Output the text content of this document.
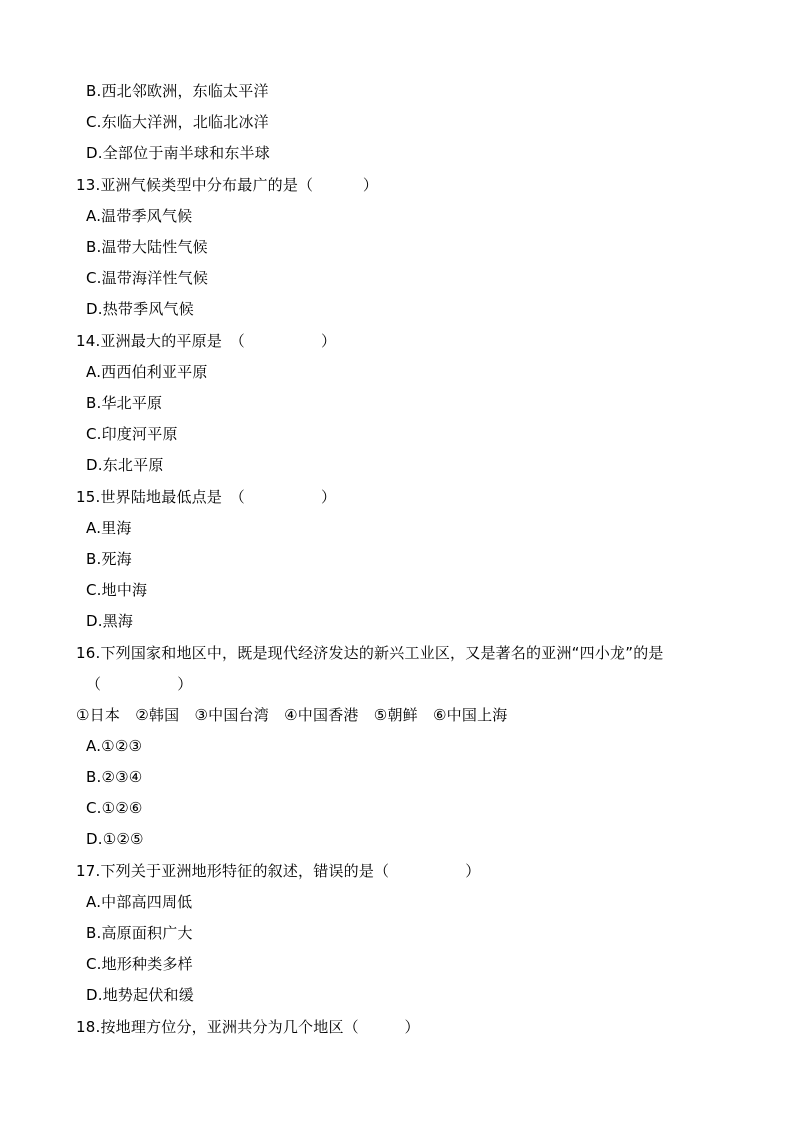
B.西北邻欧洲，东临太平洋
C.东临大洋洲，北临北冰洋
D.全部位于南半球和东半球
13.亚洲气候类型中分布最广的是（          ）
A.温带季风气候
B.温带大陆性气候
C.温带海洋性气候
D.热带季风气候
14.亚洲最大的平原是　（　　　　　）
A.西西伯利亚平原
B.华北平原
C.印度河平原
D.东北平原
15.世界陆地最低点是　（　　　　　）
A.里海
B.死海
C.地中海
D.黑海
16.下列国家和地区中，既是现代经济发达的新兴工业区，又是著名的亚洲“四小龙”的是
（　　　　　）
①日本　②韩国　③中国台湾　④中国香港　⑤朝鲜　⑥中国上海
A.①②③
B.②③④
C.①②⑥
D.①②⑤
17.下列关于亚洲地形特征的叙述，错误的是（　　　　　）
A.中部高四周低
B.高原面积广大
C.地形种类多样
D.地势起伏和缓
18.按地理方位分，亚洲共分为几个地区（　　　）
